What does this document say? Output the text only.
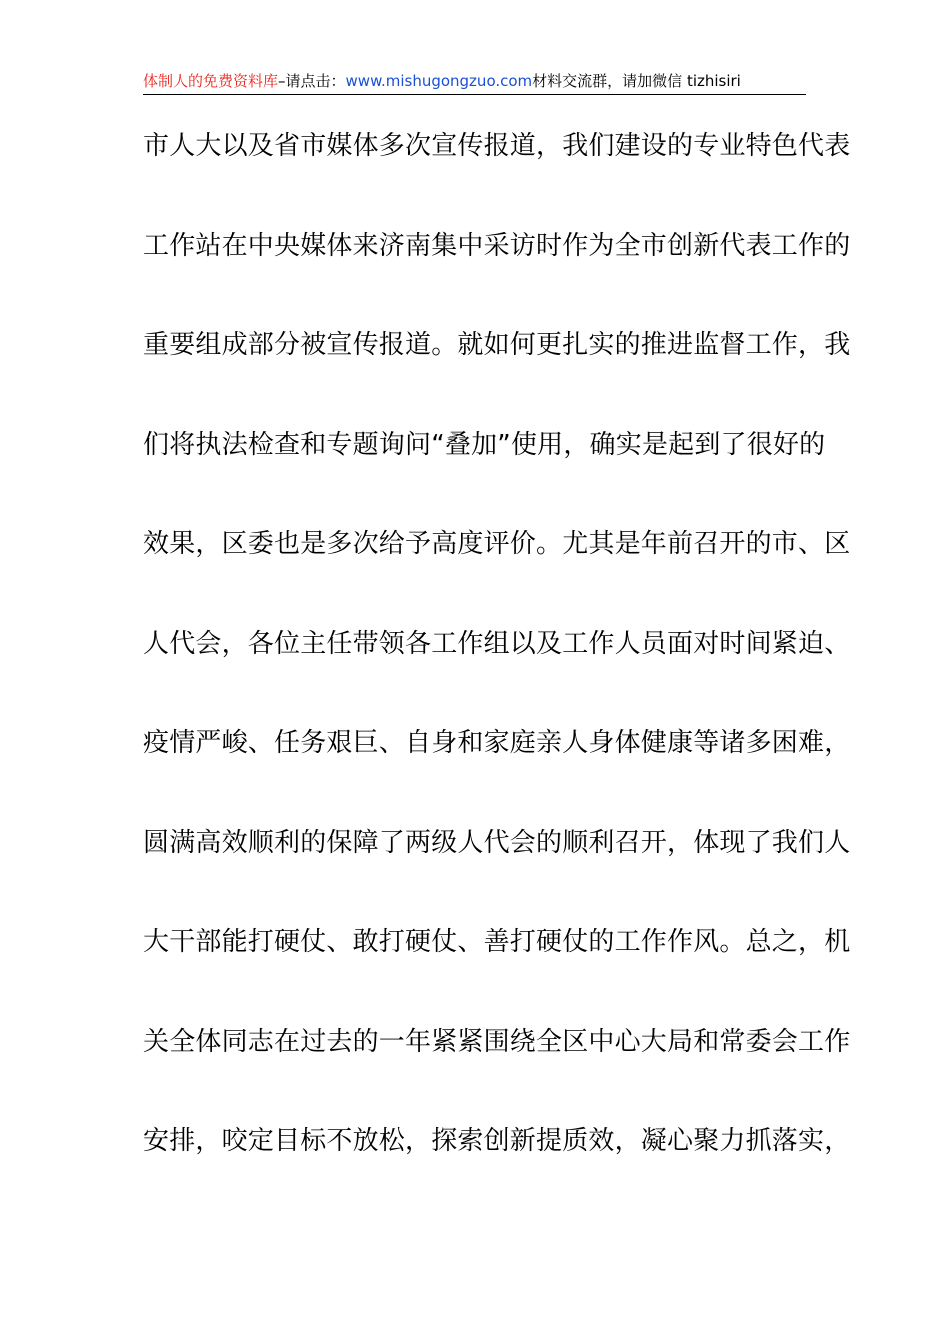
体制人的免费资料库–请点击：www.mishugongzuo.com材料交流群，请加微信 tizhisiri
市人大以及省市媒体多次宣传报道，我们建设的专业特色代表
工作站在中央媒体来济南集中采访时作为全市创新代表工作的
重要组成部分被宣传报道。就如何更扎实的推进监督工作，我
们将执法检查和专题询问“叠加”使用，确实是起到了很好的
效果，区委也是多次给予高度评价。尤其是年前召开的市、区
人代会，各位主任带领各工作组以及工作人员面对时间紧迫、
疫情严峻、任务艰巨、自身和家庭亲人身体健康等诸多困难，
圆满高效顺利的保障了两级人代会的顺利召开，体现了我们人
大干部能打硬仗、敢打硬仗、善打硬仗的工作作风。总之，机
关全体同志在过去的一年紧紧围绕全区中心大局和常委会工作
安排，咬定目标不放松，探索创新提质效，凝心聚力抓落实，
